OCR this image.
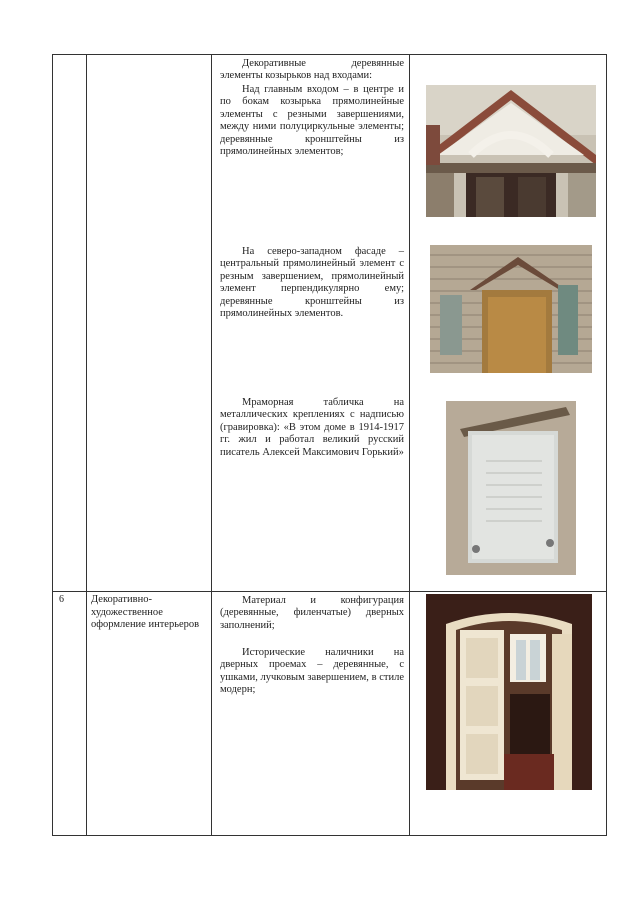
		Декоративные деревянные элементы козырьков над входами:

Над главным входом – в центре и по бокам козырька прямолинейные элементы с резными завершениями, между ними полуциркульные элементы; деревянные кронштейны из прямолинейных элементов;

На северо-западном фасаде – центральный прямолинейный элемент с резным завершением, прямолинейный элемент перпендикулярно ему; деревянные кронштейны из прямолинейных элементов.

Мраморная табличка на металлических креплениях с надписью (гравировка): «В этом доме в 1914-1917 гг. жил и работал великий русский писатель Алексей Максимович Горький»

6	Декоративно-художественное оформление интерьеров	Материал и конфигурация (деревянные, филенчатые) дверных заполнений;

Исторические наличники на дверных проемах – деревянные, с ушками, лучковым завершением, в стиле модерн;
